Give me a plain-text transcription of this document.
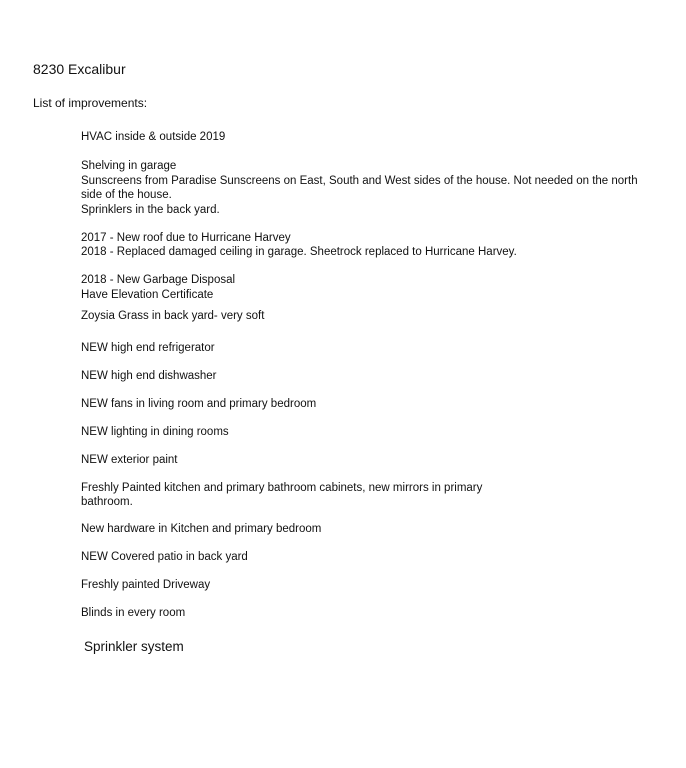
8230 Excalibur
List of improvements:
HVAC inside & outside 2019
Shelving in garage
Sunscreens from Paradise Sunscreens on East, South and West sides of the house. Not needed on the north side of the house.
Sprinklers in the back yard.
2017 - New roof due to Hurricane Harvey
2018 - Replaced damaged ceiling in garage. Sheetrock replaced to Hurricane Harvey.
2018 - New Garbage Disposal
Have Elevation Certificate
Zoysia Grass in back yard- very soft
NEW high end refrigerator
NEW high end dishwasher
NEW fans in living room and primary bedroom
NEW lighting in dining rooms
NEW exterior paint
Freshly Painted kitchen and primary bathroom cabinets, new mirrors in primary bathroom.
New hardware in Kitchen and primary bedroom
NEW Covered patio in back yard
Freshly painted Driveway
Blinds in every room
Sprinkler system
